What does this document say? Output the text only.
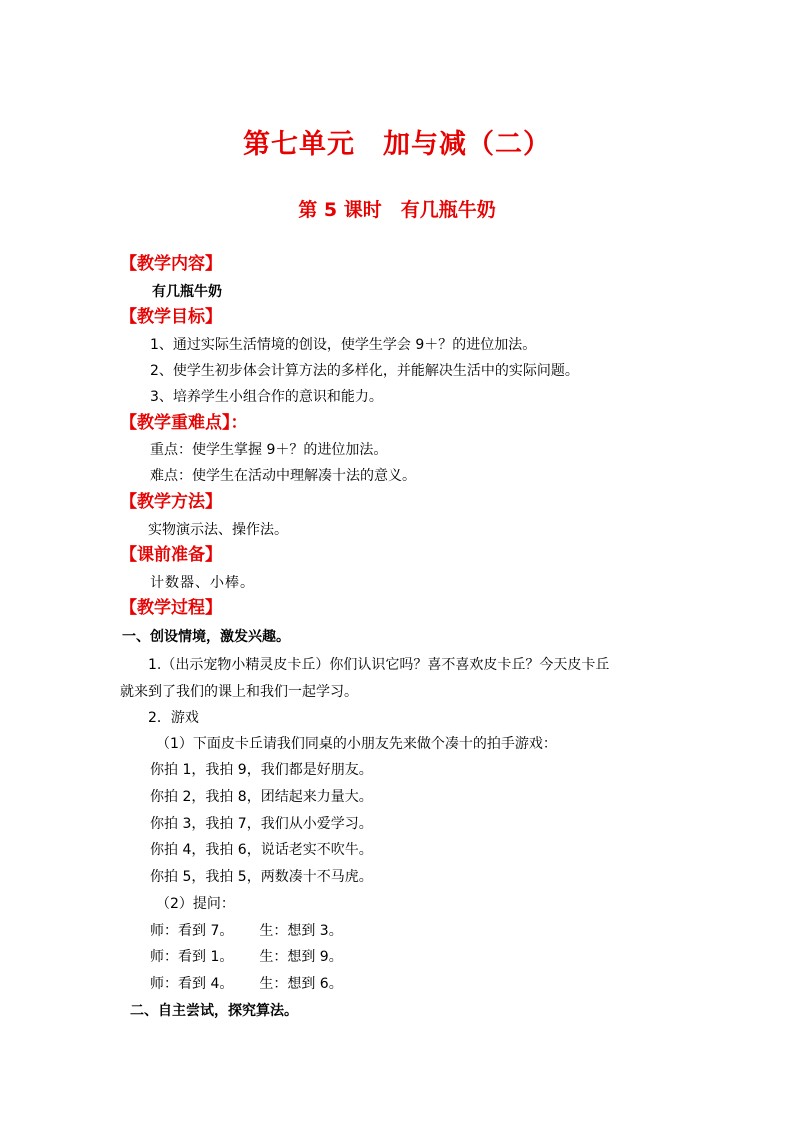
第七单元　加与减（二）
第 5 课时　有几瓶牛奶
【教学内容】
有几瓶牛奶
【教学目标】
1、通过实际生活情境的创设，使学生学会 9＋？的进位加法。
2、使学生初步体会计算方法的多样化，并能解决生活中的实际问题。
3、培养学生小组合作的意识和能力。
【教学重难点】：
重点：使学生掌握 9＋？的进位加法。
难点：使学生在活动中理解凑十法的意义。
【教学方法】
实物演示法、操作法。
【课前准备】
计数器、小棒。
【教学过程】
一、创设情境，激发兴趣。
1.（出示宠物小精灵皮卡丘）你们认识它吗？喜不喜欢皮卡丘？今天皮卡丘
就来到了我们的课上和我们一起学习。
2．游戏
（1）下面皮卡丘请我们同桌的小朋友先来做个凑十的拍手游戏：
你拍 1，我拍 9，我们都是好朋友。
你拍 2，我拍 8，团结起来力量大。
你拍 3，我拍 7，我们从小爱学习。
你拍 4，我拍 6，说话老实不吹牛。
你拍 5，我拍 5，两数凑十不马虎。
（2）提问：
师：看到 7。 生：想到 3。
师：看到 1。 生：想到 9。
师：看到 4。 生：想到 6。
二、自主尝试，探究算法。
